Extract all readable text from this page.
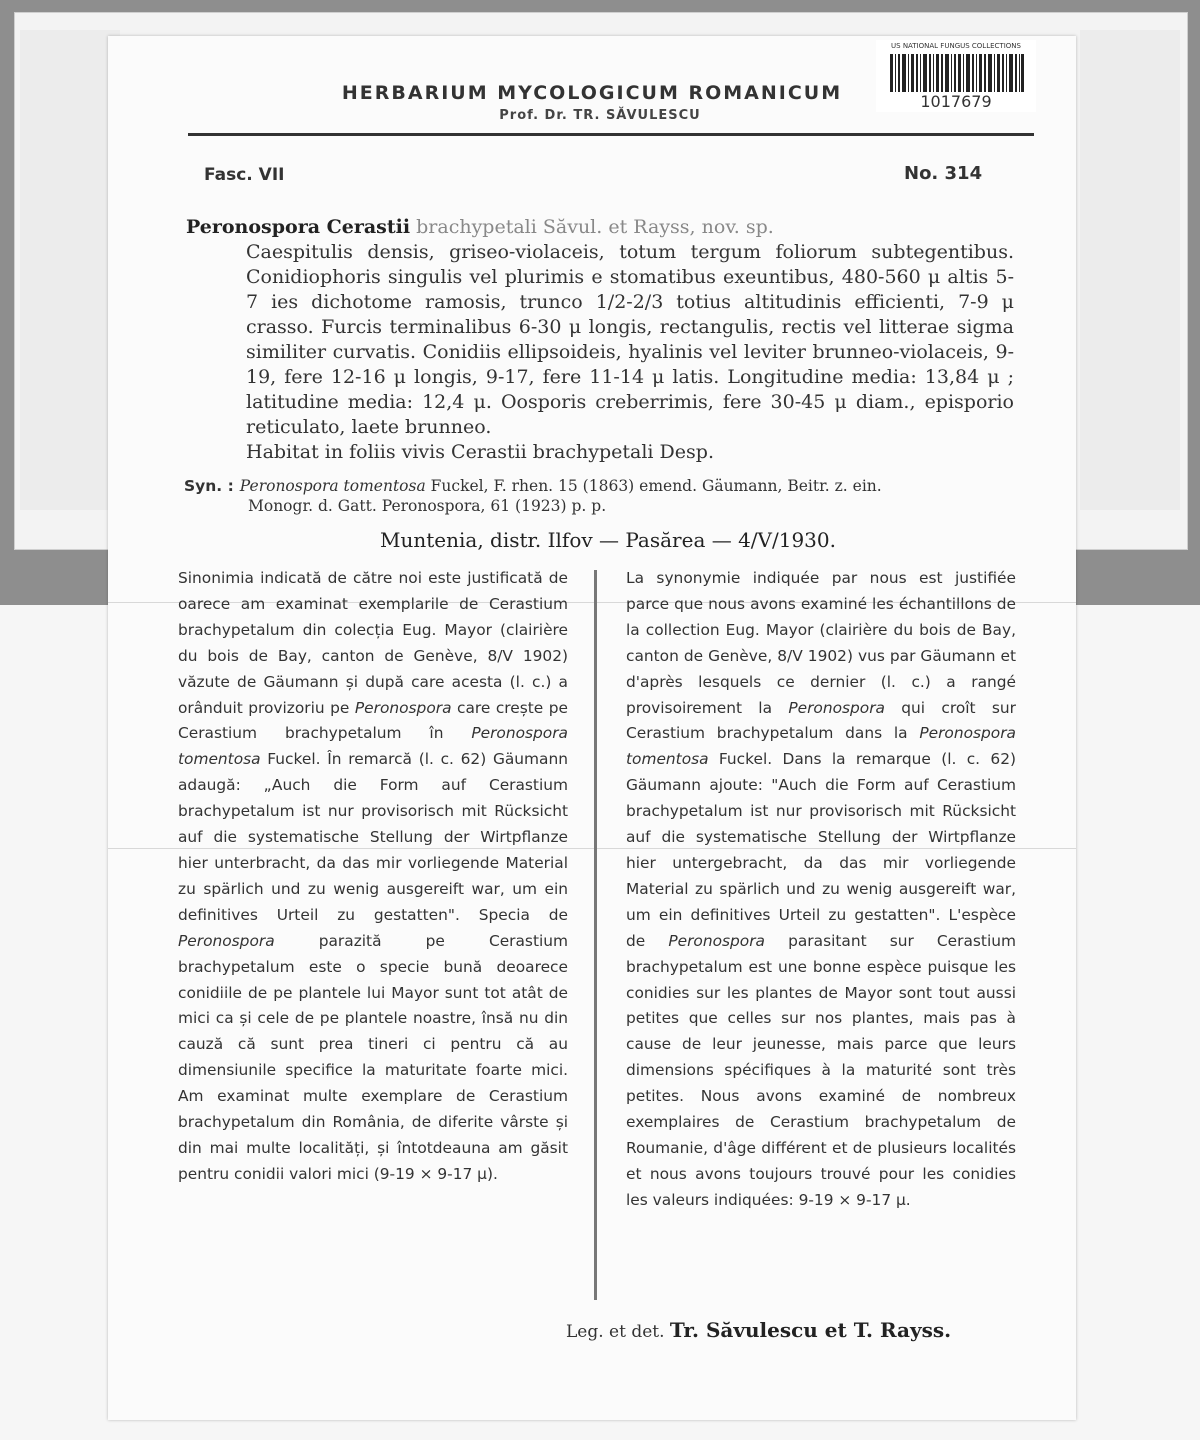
HERBARIUM MYCOLOGICUM ROMANICUM
Prof. Dr. TR. SĂVULESCU
US NATIONAL FUNGUS COLLECTIONS
1017679
Fasc. VII	No. 314
Peronospora Cerastii brachypetali Săvul. et Rayss, nov. sp.
Caespitulis densis, griseo-violaceis, totum tergum foliorum subtegentibus. Conidiophoris singulis vel plurimis e stomatibus exeuntibus, 480-560 μ altis 5-7 ies dichotome ramosis, trunco 1/2-2/3 totius altitudinis efficienti, 7-9 μ crasso. Furcis terminalibus 6-30 μ longis, rectangulis, rectis vel litterae sigma similiter curvatis. Conidiis ellipsoideis, hyalinis vel leviter brunneo-violaceis, 9-19, fere 12-16 μ longis, 9-17, fere 11-14 μ latis. Longitudine media: 13,84 μ ; latitudine media: 12,4 μ. Oosporis creberrimis, fere 30-45 μ diam., episporio reticulato, laete brunneo.
Habitat in foliis vivis Cerastii brachypetali Desp.
Syn. : Peronospora tomentosa Fuckel, F. rhen. 15 (1863) emend. Gäumann, Beitr. z. ein.
Monogr. d. Gatt. Peronospora, 61 (1923) p. p.
Muntenia, distr. Ilfov — Pasărea — 4/V/1930.
Sinonimia indicată de către noi este justificată de oarece am examinat exemplarile de Cerastium brachypetalum din colecția Eug. Mayor (clairière du bois de Bay, canton de Genève, 8/V 1902) văzute de Gäumann și după care acesta (l. c.) a orânduit provizoriu pe Peronospora care crește pe Cerastium brachypetalum în Peronospora tomentosa Fuckel. În remarcă (l. c. 62) Gäumann adaugă: „Auch die Form auf Cerastium brachypetalum ist nur provisorisch mit Rücksicht auf die systematische Stellung der Wirtpflanze hier unterbracht, da das mir vorliegende Material zu spärlich und zu wenig ausgereift war, um ein definitives Urteil zu gestatten". Specia de Peronospora parazită pe Cerastium brachypetalum este o specie bună deoarece conidiile de pe plantele lui Mayor sunt tot atât de mici ca și cele de pe plantele noastre, însă nu din cauză că sunt prea tineri ci pentru că au dimensiunile specifice la maturitate foarte mici. Am examinat multe exemplare de Cerastium brachypetalum din România, de diferite vârste și din mai multe localități, și întotdeauna am găsit pentru conidii valori mici (9-19 × 9-17 μ).
La synonymie indiquée par nous est justifiée parce que nous avons examiné les échantillons de la collection Eug. Mayor (clairière du bois de Bay, canton de Genève, 8/V 1902) vus par Gäumann et d'après lesquels ce dernier (l. c.) a rangé provisoirement la Peronospora qui croît sur Cerastium brachypetalum dans la Peronospora tomentosa Fuckel. Dans la remarque (l. c. 62) Gäumann ajoute: "Auch die Form auf Cerastium brachypetalum ist nur provisorisch mit Rücksicht auf die systematische Stellung der Wirtpflanze hier untergebracht, da das mir vorliegende Material zu spärlich und zu wenig ausgereift war, um ein definitives Urteil zu gestatten". L'espèce de Peronospora parasitant sur Cerastium brachypetalum est une bonne espèce puisque les conidies sur les plantes de Mayor sont tout aussi petites que celles sur nos plantes, mais pas à cause de leur jeunesse, mais parce que leurs dimensions spécifiques à la maturité sont très petites. Nous avons examiné de nombreux exemplaires de Cerastium brachypetalum de Roumanie, d'âge différent et de plusieurs localités et nous avons toujours trouvé pour les conidies les valeurs indiquées: 9-19 × 9-17 μ.
Leg. et det. Tr. Săvulescu et T. Rayss.
